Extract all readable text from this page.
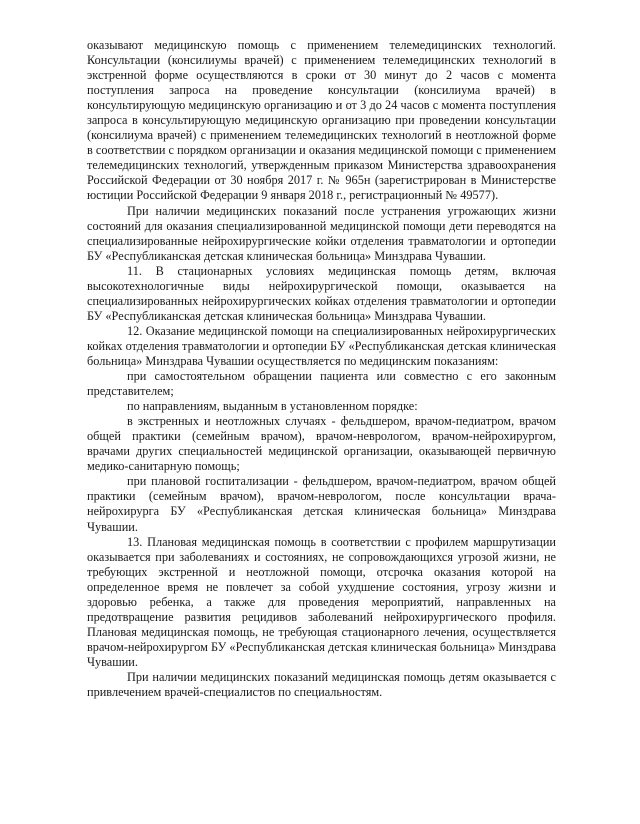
оказывают медицинскую помощь с применением телемедицинских технологий. Консультации (консилиумы врачей) с применением телемедицинских технологий в экстренной форме осуществляются в сроки от 30 минут до 2 часов с момента поступления запроса на проведение консультации (консилиума врачей) в консультирующую медицинскую организацию и от 3 до 24 часов с момента поступления запроса в консультирующую медицинскую организацию при проведении консультации (консилиума врачей) с применением телемедицинских технологий в неотложной форме в соответствии с порядком организации и оказания медицинской помощи с применением телемедицинских технологий, утвержденным приказом Министерства здравоохранения Российской Федерации от 30 ноября 2017 г. № 965н (зарегистрирован в Министерстве юстиции Российской Федерации 9 января 2018 г., регистрационный № 49577).

При наличии медицинских показаний после устранения угрожающих жизни состояний для оказания специализированной медицинской помощи дети переводятся на специализированные нейрохирургические койки отделения травматологии и ортопедии БУ «Республиканская детская клиническая больница» Минздрава Чувашии.

11. В стационарных условиях медицинская помощь детям, включая высокотехнологичные виды нейрохирургической помощи, оказывается на специализированных нейрохирургических койках отделения травматологии и ортопедии БУ «Республиканская детская клиническая больница» Минздрава Чувашии.

12. Оказание медицинской помощи на специализированных нейрохирургических койках отделения травматологии и ортопедии БУ «Республиканская детская клиническая больница» Минздрава Чувашии осуществляется по медицинским показаниям:

при самостоятельном обращении пациента или совместно с его законным представителем;

по направлениям, выданным в установленном порядке:

в экстренных и неотложных случаях - фельдшером, врачом-педиатром, врачом общей практики (семейным врачом), врачом-неврологом, врачом-нейрохирургом, врачами других специальностей медицинской организации, оказывающей первичную медико-санитарную помощь;

при плановой госпитализации - фельдшером, врачом-педиатром, врачом общей практики (семейным врачом), врачом-неврологом, после консультации врача-нейрохирурга БУ «Республиканская детская клиническая больница» Минздрава Чувашии.

13. Плановая медицинская помощь в соответствии с профилем маршрутизации оказывается при заболеваниях и состояниях, не сопровождающихся угрозой жизни, не требующих экстренной и неотложной помощи, отсрочка оказания которой на определенное время не повлечет за собой ухудшение состояния, угрозу жизни и здоровью ребенка, а также для проведения мероприятий, направленных на предотвращение развития рецидивов заболеваний нейрохирургического профиля. Плановая медицинская помощь, не требующая стационарного лечения, осуществляется врачом-нейрохирургом БУ «Республиканская детская клиническая больница» Минздрава Чувашии.

При наличии медицинских показаний медицинская помощь детям оказывается с привлечением врачей-специалистов по специальностям.
